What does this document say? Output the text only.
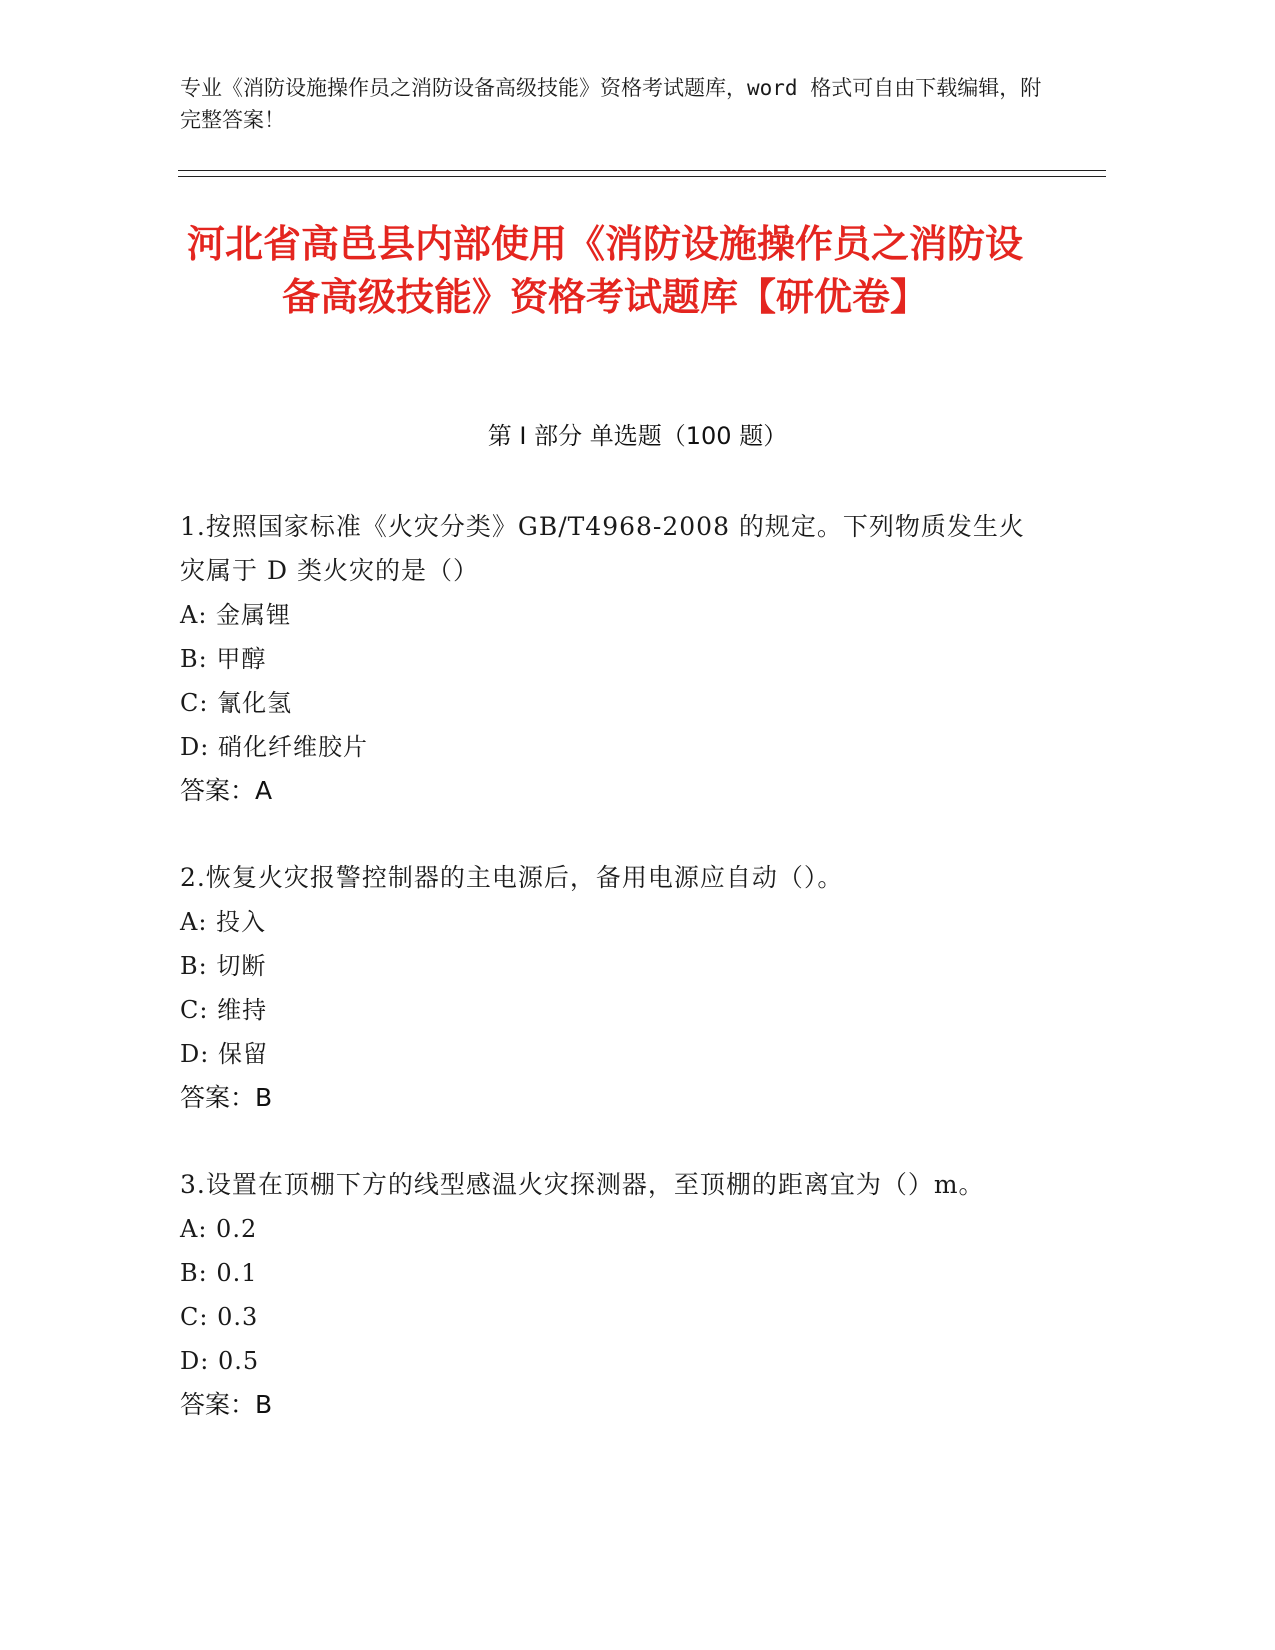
专业《消防设施操作员之消防设备高级技能》资格考试题库，word 格式可自由下载编辑，附完整答案！
河北省高邑县内部使用《消防设施操作员之消防设备高级技能》资格考试题库【研优卷】
第 I 部分 单选题（100 题）
1.按照国家标准《火灾分类》GB/T4968-2008 的规定。下列物质发生火灾属于 D 类火灾的是（）
A: 金属锂
B: 甲醇
C: 氰化氢
D: 硝化纤维胶片
答案：A
2.恢复火灾报警控制器的主电源后，备用电源应自动（）。
A: 投入
B: 切断
C: 维持
D: 保留
答案：B
3.设置在顶棚下方的线型感温火灾探测器，至顶棚的距离宜为（）m。
A: 0.2
B: 0.1
C: 0.3
D: 0.5
答案：B
